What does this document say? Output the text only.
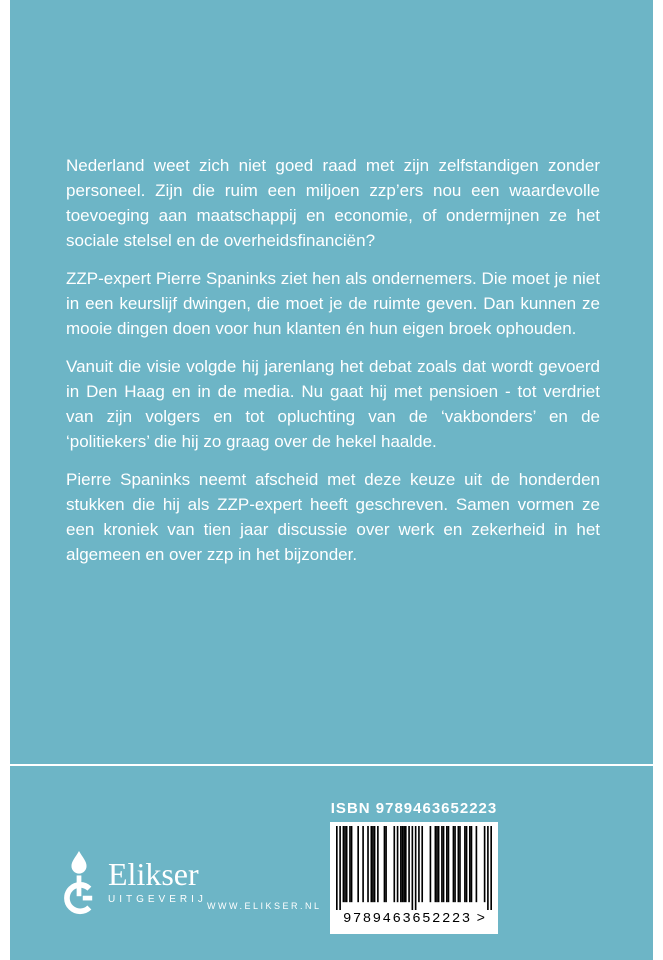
Nederland weet zich niet goed raad met zijn zelfstandigen zonder personeel. Zijn die ruim een miljoen zzp’ers nou een waardevolle toevoeging aan maatschappij en economie, of ondermijnen ze het sociale stelsel en de overheidsfinanciën?

ZZP-expert Pierre Spaninks ziet hen als ondernemers. Die moet je niet in een keurslijf dwingen, die moet je de ruimte geven. Dan kunnen ze mooie dingen doen voor hun klanten én hun eigen broek ophouden.

Vanuit die visie volgde hij jarenlang het debat zoals dat wordt gevoerd in Den Haag en in de media. Nu gaat hij met pensioen - tot verdriet van zijn volgers en tot opluchting van de ‘vakbonders’ en de ‘politiekers’ die hij zo graag over de hekel haalde.

Pierre Spaninks neemt afscheid met deze keuze uit de honderden stukken die hij als ZZP-expert heeft geschreven. Samen vormen ze een kroniek van tien jaar discussie over werk en zekerheid in het algemeen en over zzp in het bijzonder.

ISBN 9789463652223
9789463652223 >
Elikser
UITGEVERIJ
WWW.ELIKSER.NL
